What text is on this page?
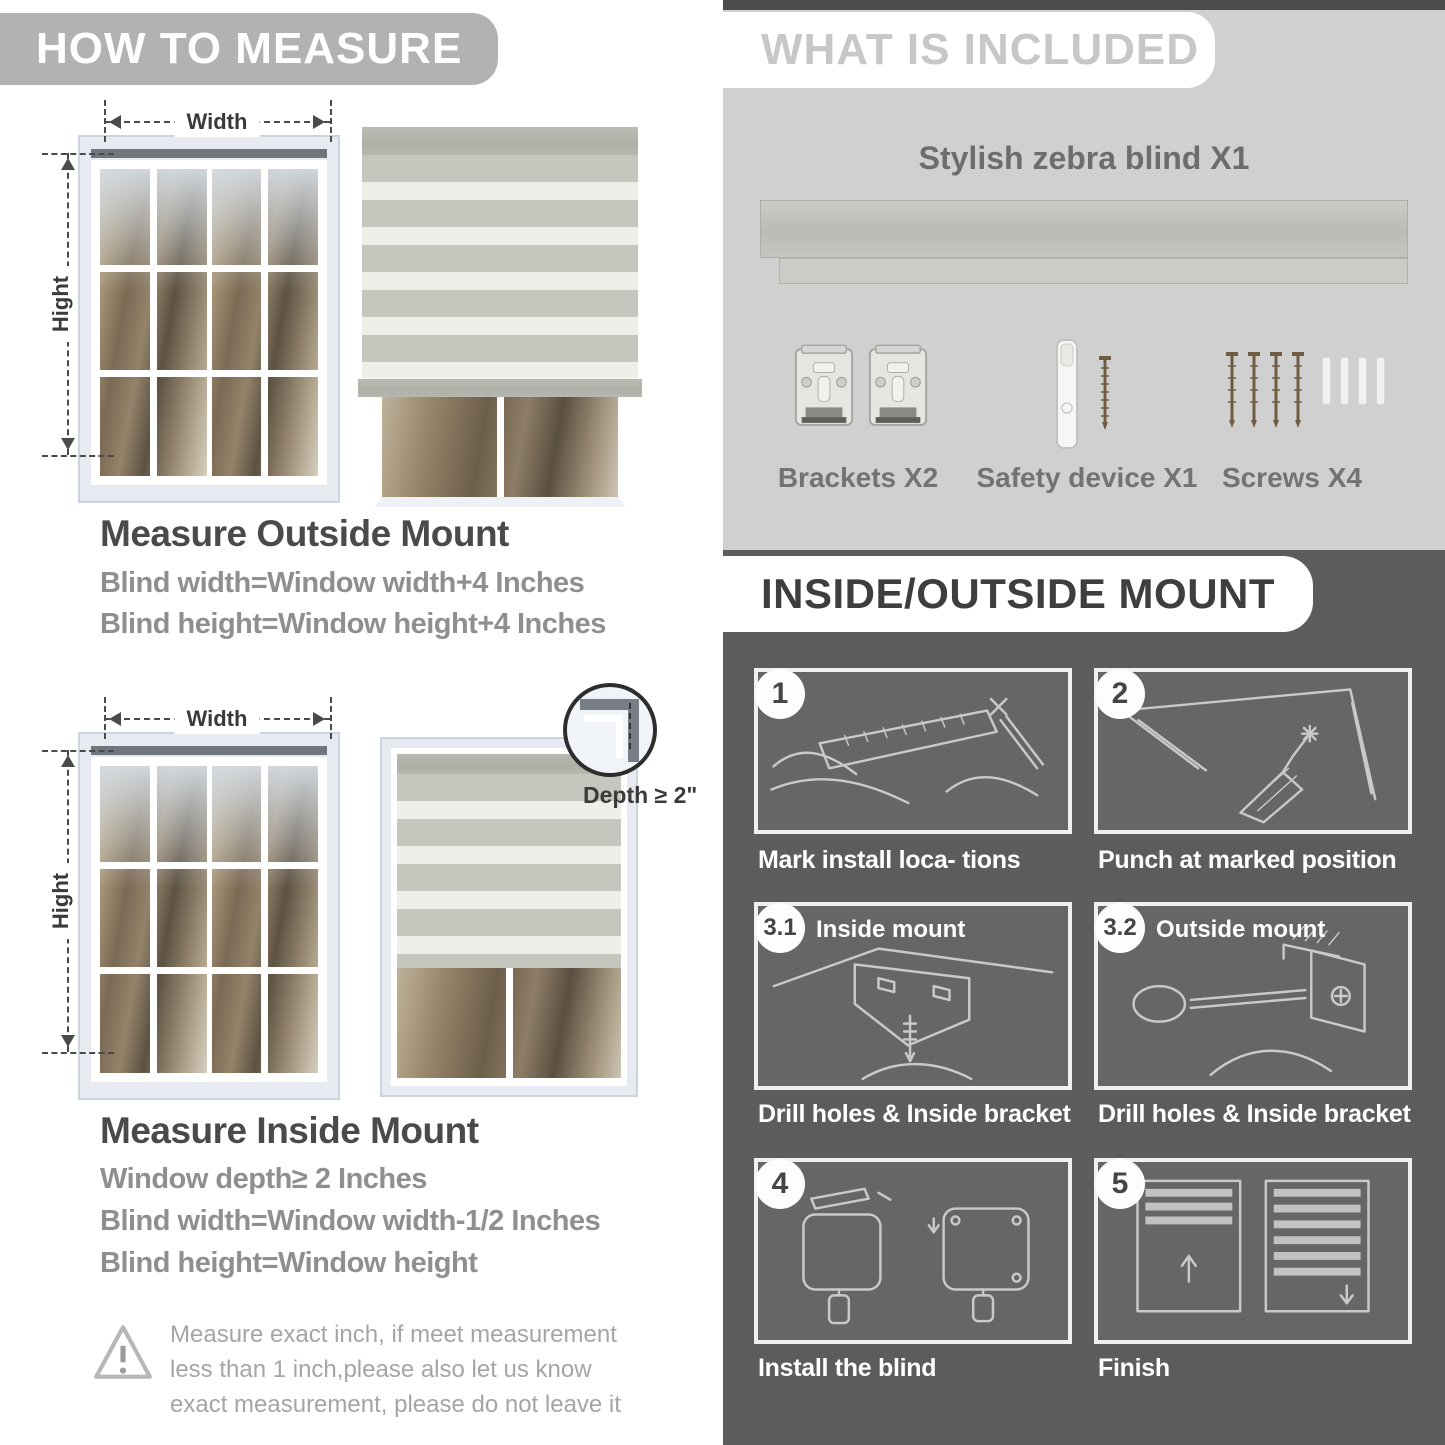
HOW TO MEASURE
Width
Hight
Measure Outside Mount
Blind width=Window width+4 Inches
Blind height=Window height+4 Inches
Width
Hight
Depth ≥ 2"
Measure Inside Mount
Window depth≥ 2 Inches
Blind width=Window width-1/2 Inches
Blind height=Window height
Measure exact inch, if meet measurement less than 1 inch,please also let us know exact measurement, please do not leave it
WHAT IS INCLUDED
Stylish zebra blind X1
Brackets X2	Safety device X1 Screws X4
INSIDE/OUTSIDE MOUNT
1
Mark install loca- tions
2
Punch at marked position
3.1 Inside mount
Drill holes & Inside bracket
3.2 Outside mount
Drill holes & Inside bracket
4
Install the blind
5
Finish
